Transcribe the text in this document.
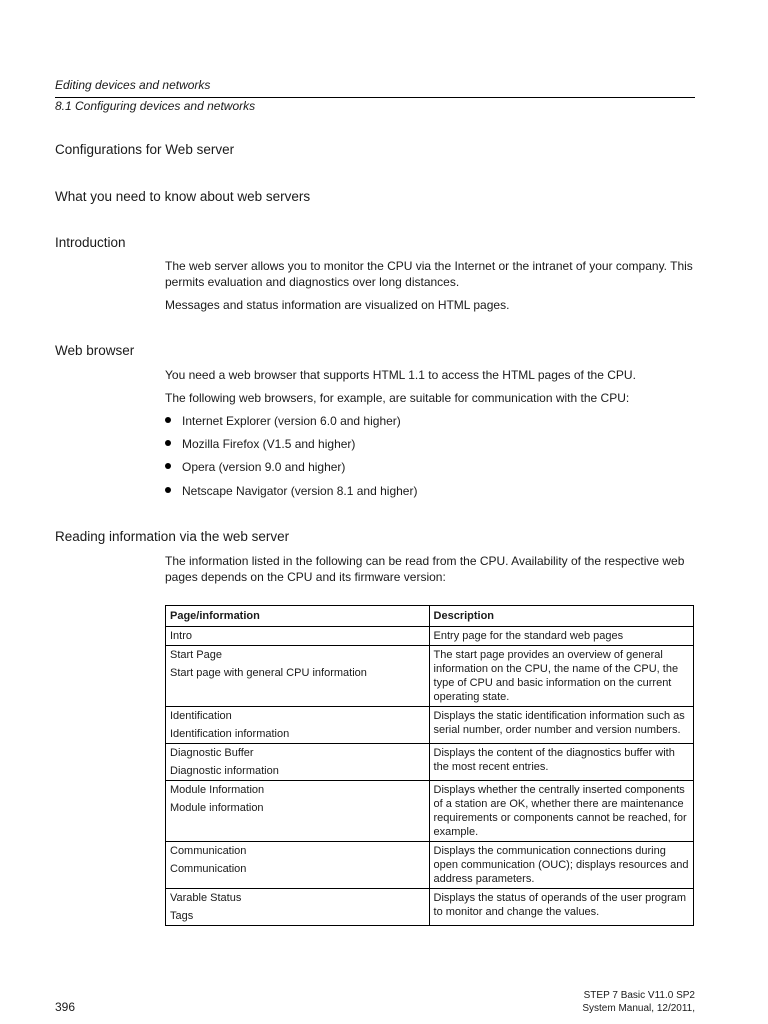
Editing devices and networks
8.1 Configuring devices and networks
Configurations for Web server
What you need to know about web servers
Introduction
The web server allows you to monitor the CPU via the Internet or the intranet of your company. This permits evaluation and diagnostics over long distances.
Messages and status information are visualized on HTML pages.
Web browser
You need a web browser that supports HTML 1.1 to access the HTML pages of the CPU.
The following web browsers, for example, are suitable for communication with the CPU:
Internet Explorer (version 6.0 and higher)
Mozilla Firefox (V1.5 and higher)
Opera (version 9.0 and higher)
Netscape Navigator (version 8.1 and higher)
Reading information via the web server
The information listed in the following can be read from the CPU. Availability of the respective web pages depends on the CPU and its firmware version:
Page/information	Description

Intro	Entry page for the standard web pages

Start Page
Start page with general CPU information	The start page provides an overview of general information on the CPU, the name of the CPU, the type of CPU and basic information on the current operating state.

Identification
Identification information	Displays the static identification information such as serial number, order number and version numbers.

Diagnostic Buffer
Diagnostic information	Displays the content of the diagnostics buffer with the most recent entries.

Module Information
Module information	Displays whether the centrally inserted components of a station are OK, whether there are maintenance requirements or components cannot be reached, for example.

Communication
Communication	Displays the communication connections during open communication (OUC); displays resources and address parameters.

Varable Status
Tags	Displays the status of operands of the user program to monitor and change the values.
STEP 7 Basic V11.0 SP2
System Manual, 12/2011,
396
